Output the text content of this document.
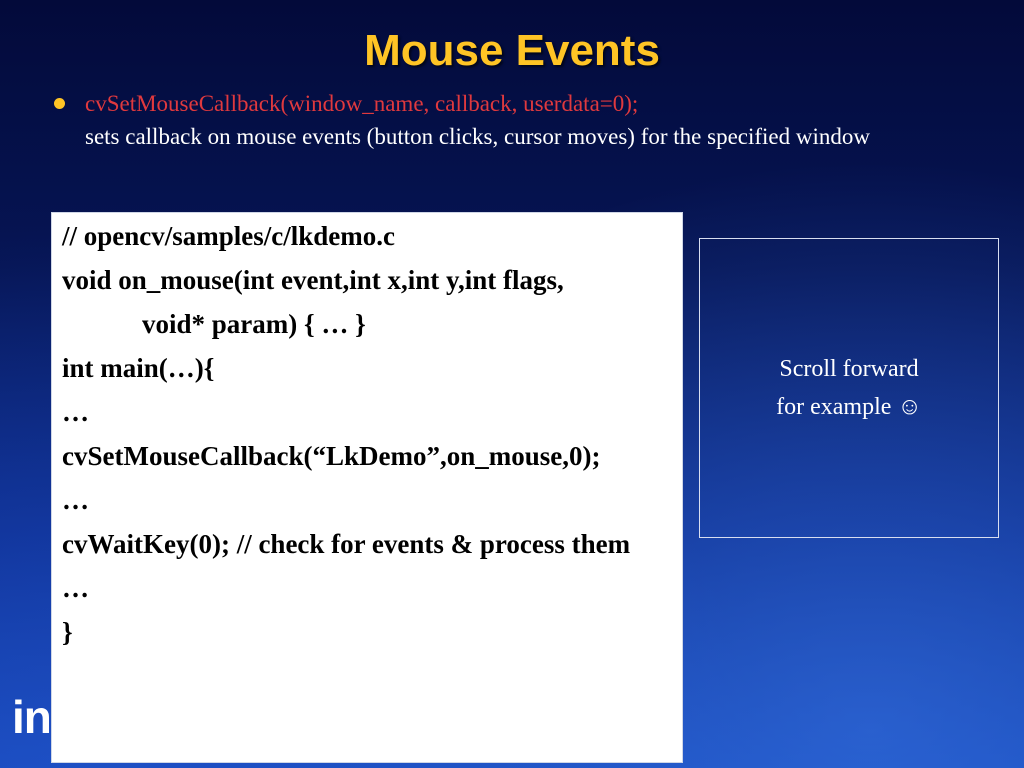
Mouse Events
cvSetMouseCallback(window_name, callback, userdata=0);
sets callback on mouse events (button clicks, cursor moves) for the specified window
// opencv/samples/c/lkdemo.c
void on_mouse(int event,int x,int y,int flags,
void* param) { … }
int main(…){
…
cvSetMouseCallback(“LkDemo”,on_mouse,0);
…
cvWaitKey(0); // check for events & process them
…
}
Scroll forward
for example ☺
in
